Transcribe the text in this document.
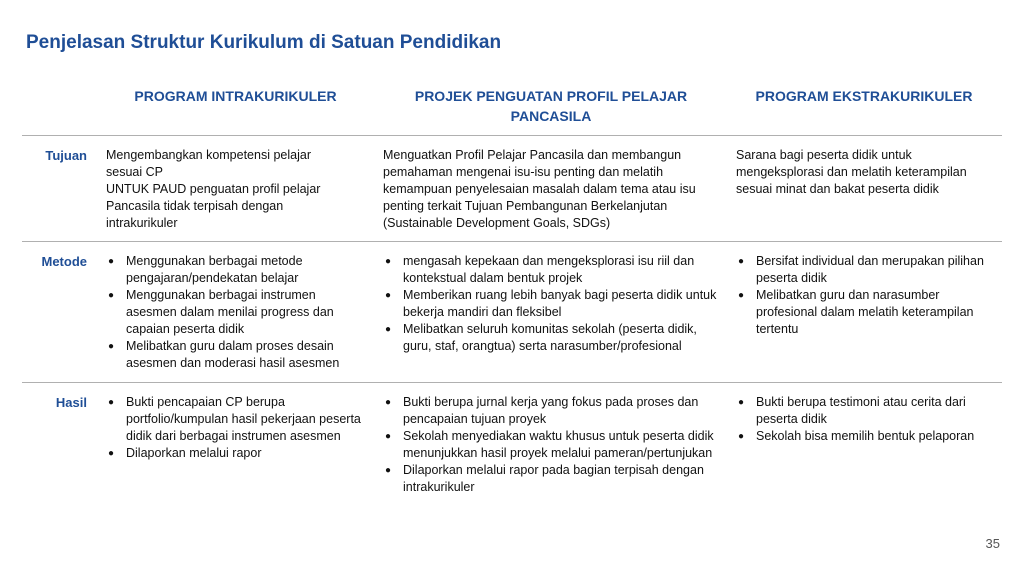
Penjelasan Struktur Kurikulum di Satuan Pendidikan
PROGRAM INTRAKURIKULER	PROJEK PENGUATAN PROFIL PELAJAR PANCASILA
PROGRAM EKSTRAKURIKULER
Tujuan Mengembangkan kompetensi pelajar
sesuai CP
UNTUK PAUD penguatan profil pelajar
Pancasila tidak terpisah dengan
intrakurikuler
Menguatkan Profil Pelajar Pancasila dan membangun pemahaman mengenai isu-isu penting dan melatih kemampuan penyelesaian masalah dalam tema atau isu penting terkait Tujuan Pembangunan Berkelanjutan (Sustainable Development Goals, SDGs)
Sarana bagi peserta didik untuk mengeksplorasi dan melatih keterampilan sesuai minat dan bakat peserta didik
Metode ● Menggunakan berbagai metode pengajaran/pendekatan belajar
● Menggunakan berbagai instrumen asesmen dalam menilai progress dan capaian peserta didik
● Melibatkan guru dalam proses desain asesmen dan moderasi hasil asesmen
● mengasah kepekaan dan mengeksplorasi isu riil dan kontekstual dalam bentuk projek
● Memberikan ruang lebih banyak bagi peserta didik untuk bekerja mandiri dan fleksibel
● Melibatkan seluruh komunitas sekolah (peserta didik, guru, staf, orangtua) serta narasumber/profesional
● Bersifat individual dan merupakan pilihan peserta didik
● Melibatkan guru dan narasumber profesional dalam melatih keterampilan tertentu
Hasil ● Bukti pencapaian CP berupa portfolio/kumpulan hasil pekerjaan peserta didik dari berbagai instrumen asesmen
● Dilaporkan melalui rapor
● Bukti berupa jurnal kerja yang fokus pada proses dan pencapaian tujuan proyek
● Sekolah menyediakan waktu khusus untuk peserta didik menunjukkan hasil proyek melalui pameran/pertunjukan
● Dilaporkan melalui rapor pada bagian terpisah dengan intrakurikuler
● Bukti berupa testimoni atau cerita dari peserta didik
● Sekolah bisa memilih bentuk pelaporan
35
